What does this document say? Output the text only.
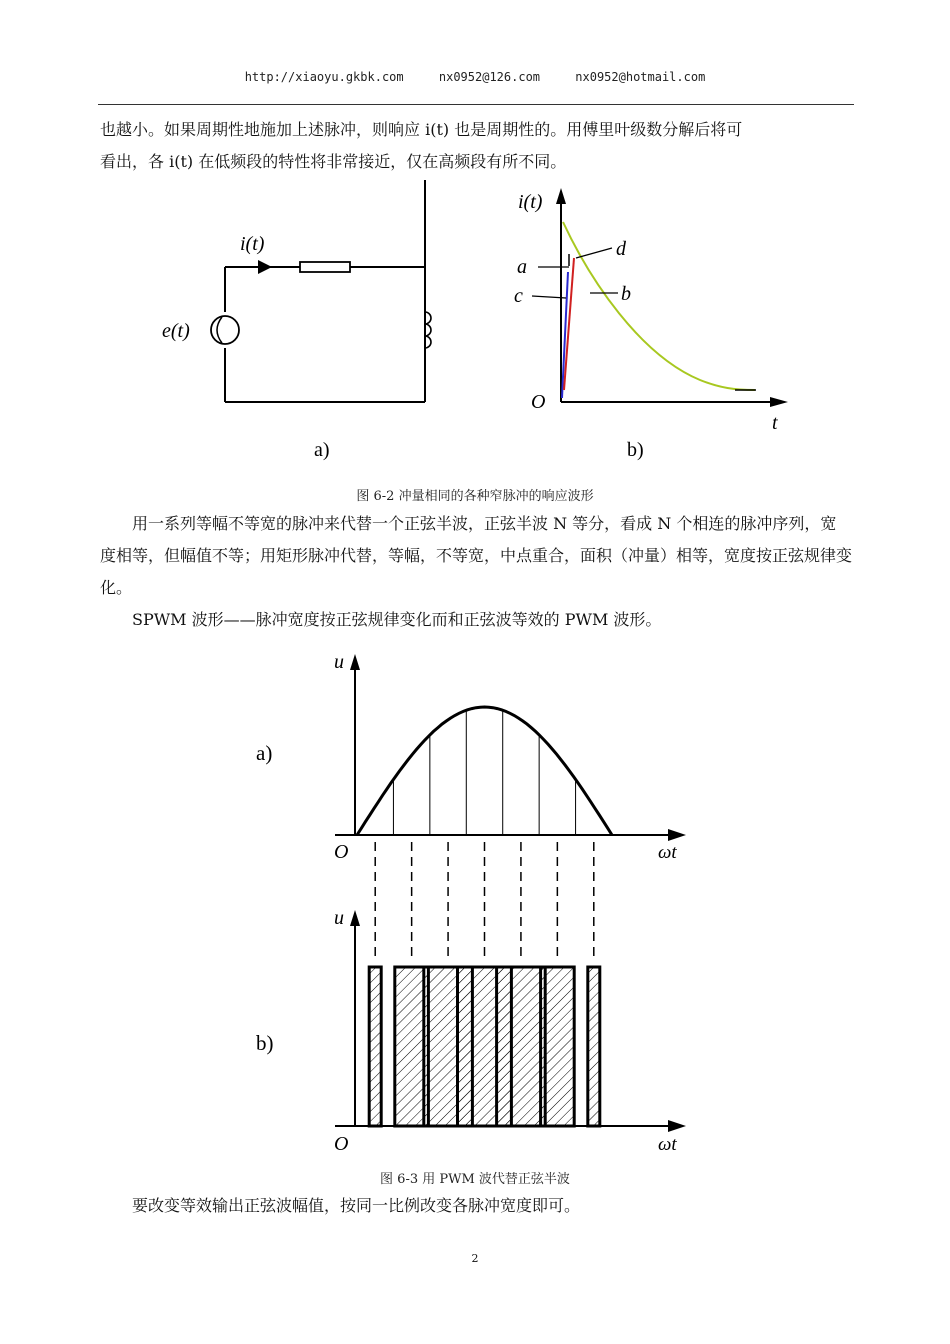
http://xiaoyu.gkbk.com	nx0952@126.com	nx0952@hotmail.com
也越小。如果周期性地施加上述脉冲，则响应 i(t) 也是周期性的。用傅里叶级数分解后将可
看出，各 i(t) 在低频段的特性将非常接近，仅在高频段有所不同。
i(t)
e(t)
a)
i(t)
t
O
a
b
c
d
b)
图 6-2 冲量相同的各种窄脉冲的响应波形

用一系列等幅不等宽的脉冲来代替一个正弦半波，正弦半波 N 等分，看成 N 个相连的脉冲序列，宽度相等，但幅值不等；用矩形脉冲代替，等幅，不等宽，中点重合，面积（冲量）相等，宽度按正弦规律变化。

SPWM 波形——脉冲宽度按正弦规律变化而和正弦波等效的 PWM 波形。

u
O	ωt
a)
u
O	ωt
b)
图 6-3 用 PWM 波代替正弦半波

要改变等效输出正弦波幅值，按同一比例改变各脉冲宽度即可。

2
